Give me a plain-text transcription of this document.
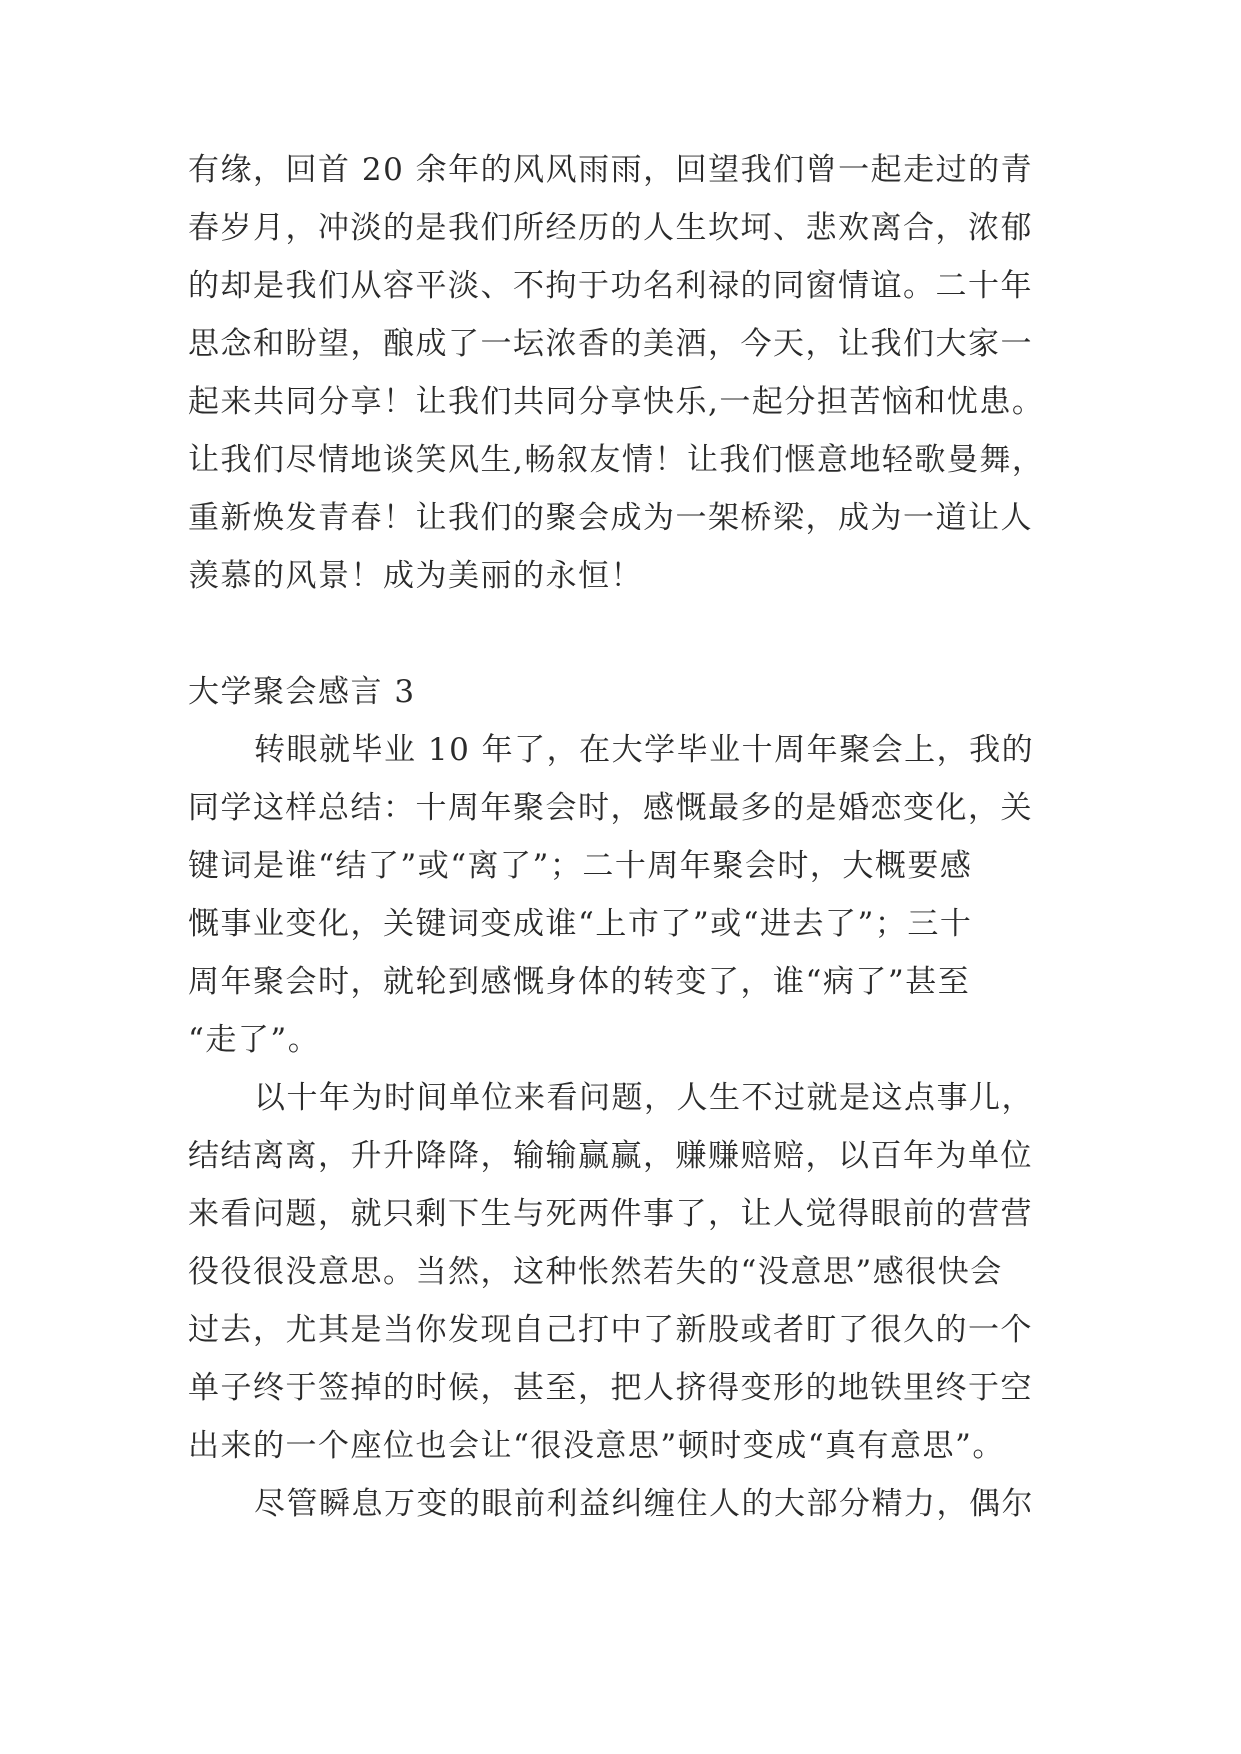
有缘，回首 20 余年的风风雨雨，回望我们曾一起走过的青
春岁月，冲淡的是我们所经历的人生坎坷、悲欢离合，浓郁
的却是我们从容平淡、不拘于功名利禄的同窗情谊。二十年
思念和盼望，酿成了一坛浓香的美酒，今天，让我们大家一
起来共同分享！让我们共同分享快乐,一起分担苦恼和忧患。
让我们尽情地谈笑风生,畅叙友情！让我们惬意地轻歌曼舞，
重新焕发青春！让我们的聚会成为一架桥梁，成为一道让人
羡慕的风景！成为美丽的永恒！
大学聚会感言 3
转眼就毕业 10 年了，在大学毕业十周年聚会上，我的
同学这样总结：十周年聚会时，感慨最多的是婚恋变化，关
键词是谁“结了”或“离了”；二十周年聚会时，大概要感
慨事业变化，关键词变成谁“上市了”或“进去了”；三十
周年聚会时，就轮到感慨身体的转变了，谁“病了”甚至
“走了”。
以十年为时间单位来看问题，人生不过就是这点事儿，
结结离离，升升降降，输输赢赢，赚赚赔赔，以百年为单位
来看问题，就只剩下生与死两件事了，让人觉得眼前的营营
役役很没意思。当然，这种怅然若失的“没意思”感很快会
过去，尤其是当你发现自己打中了新股或者盯了很久的一个
单子终于签掉的时候，甚至，把人挤得变形的地铁里终于空
出来的一个座位也会让“很没意思”顿时变成“真有意思”。
尽管瞬息万变的眼前利益纠缠住人的大部分精力，偶尔
